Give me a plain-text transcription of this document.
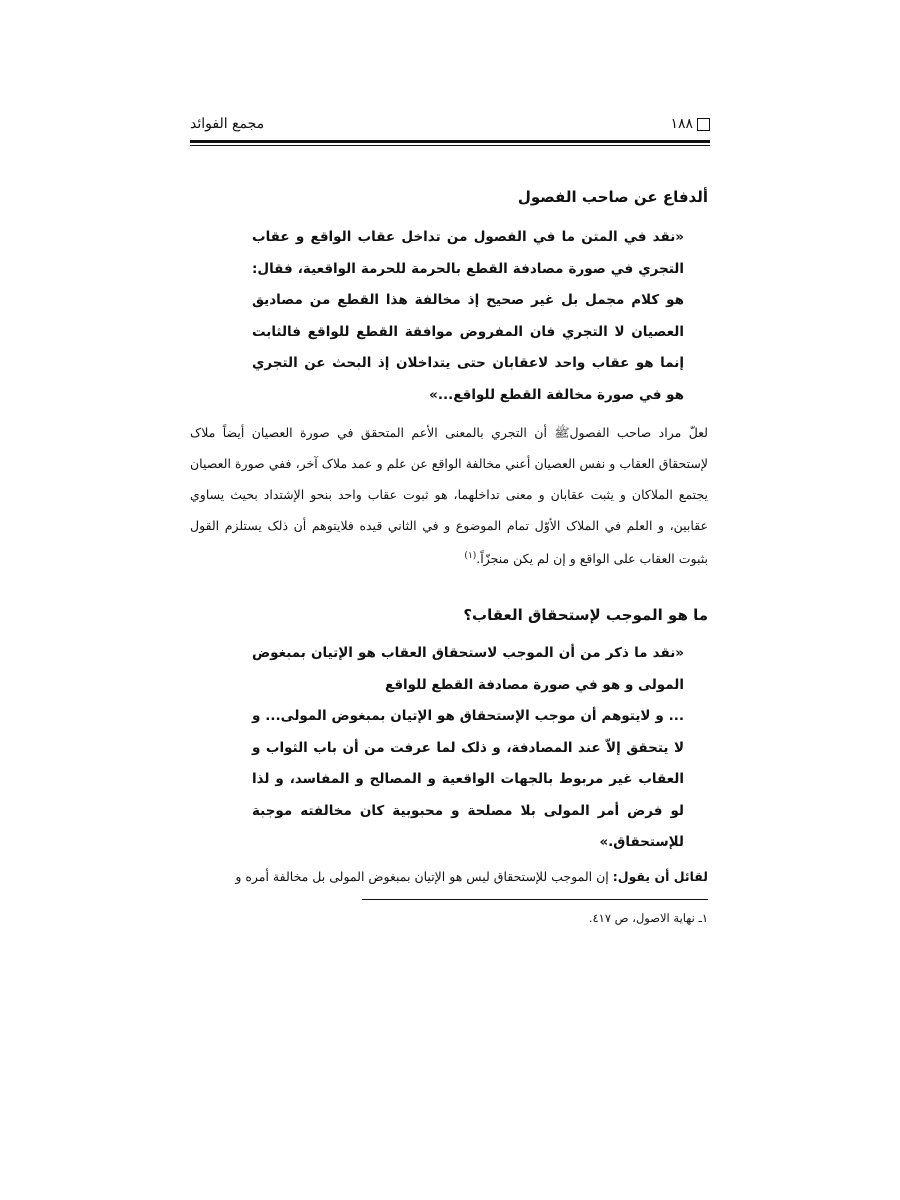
مجمع الفوائد	١٨٨
ألدفاع عن صاحب الفصول

«نقد في المتن ما في الفصول من تداخل عقاب الواقع و عقاب التجري في صورة مصادفة القطع بالحرمة للحرمة الواقعية، فقال: هو كلام مجمل بل غير صحيح إذ مخالفة هذا القطع من مصاديق العصيان لا التجري فان المفروض موافقة القطع للواقع فالثابت إنما هو عقاب واحد لاعقابان حتى يتداخلان إذ البحث عن التجري هو في صورة مخالفة القطع للواقع...»

لعلّ مراد صاحب الفصولﷺ أن التجري بالمعنى الأعم المتحقق في صورة العصيان أيضاً ملاک لإستحقاق العقاب و نفس العصيان أعني مخالفة الواقع عن علم و عمد ملاک آخر، ففي صورة العصيان يجتمع الملاكان و يثبت عقابان و معنى تداخلهما، هو ثبوت عقاب واحد بنحو الإشتداد بحيث يساوي عقابين، و العلم في الملاک الأوّل تمام الموضوع و في الثاني قيده فلايتوهم أن ذلک يستلزم القول بثبوت العقاب على الواقع و إن لم يكن منجزّاً.$^{(١)}$

ما هو الموجب لإستحقاق العقاب؟

«نقد ما ذكر من أن الموجب لاستحقاق العقاب هو الإتيان بمبغوض المولى و هو في صورة مصادفة القطع للواقع

... و لايتوهم أن موجب الإستحقاق هو الإتيان بمبغوض المولى... و لا يتحقق إلاّ عند المصادفة، و ذلک لما عرفت من أن باب الثواب و العقاب غير مربوط بالجهات الواقعية و المصالح و المفاسد، و لذا لو فرض أمر المولى بلا مصلحة و محبوبية كان مخالفته موجبة للإستحقاق.»

لقائل أن يقول: إن الموجب للإستحقاق ليس هو الإتيان بمبغوض المولى بل مخالفة أمره و

١ـ نهاية الاصول، ص ٤١٧.
